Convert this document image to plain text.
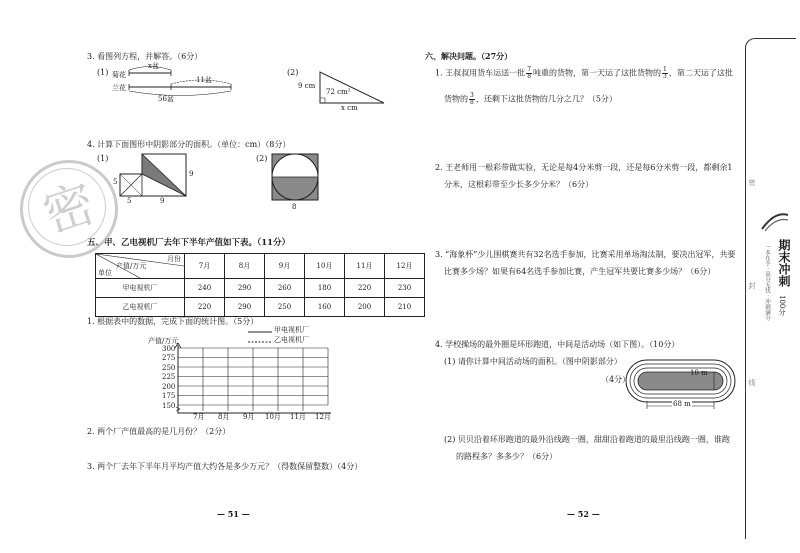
3. 看图列方程，并解答。（6分）
(1) 菊花
兰花
x盆
11盆
56盆
(2)
9 cm
72 cm²
x cm
4. 计算下面图形中阴影部分的面积。（单位：cm）（8分）
(1)
5
5	9
9
(2)
8
五、甲、乙电视机厂去年下半年产值如下表。（11分）
月份
产值/万元
单位	7月	8月	9月	10月	11月	12月
甲电视机厂	240	290	260	180	220	230
乙电视机厂	220	290	250	160	200	210
1. 根据表中的数据，完成下面的统计图。（5分）
产值/万元
甲电视机厂
乙电视机厂
300
275
250
225
200
175
150
7月 8月 9月 10月 11月 12月
2. 两个厂产值最高的是几月份？（2分）
3. 两个厂去年下半年月平均产值大约各是多少万元？（得数保留整数）（4分）
— 51 —
密
六、解决问题。（27分）
1. 王叔叔用货车运送一批 $\frac{7}{8}$ 吨重的货物，第一天运了这批货物的 $\frac{1}{3}$ ，第二天运了这批
货物的 $\frac{3}{8}$ ，还剩下这批货物的几分之几？（5分）
2. 王老师用一根彩带做实验，无论是每4分米剪一段，还是每6分米剪一段，都剩余1
分米，这根彩带至少长多少分米？（6分）
3. “海象杯”少儿围棋赛共有32名选手参加，比赛采用单场淘汰制，要决出冠军，共要
比赛多少场？如果有64名选手参加比赛，产生冠军共要比赛多少场？（6分）
4. 学校操场的最外圈是环形跑道，中间是活动场（如下图）。（10分）
(1) 请你计算中间活动场的面积。（图中阴影部分）
（4分）
10 m
68 m
(2) 贝贝沿着环形跑道的最外沿线跑一圈，甜甜沿着跑道的最里沿线跑一圈，谁跑
的路程多？多多少？（6分）
— 52 —
密
封
线
期末冲刺
100分
一本在手 · 高分无忧 · 冲刺满分
